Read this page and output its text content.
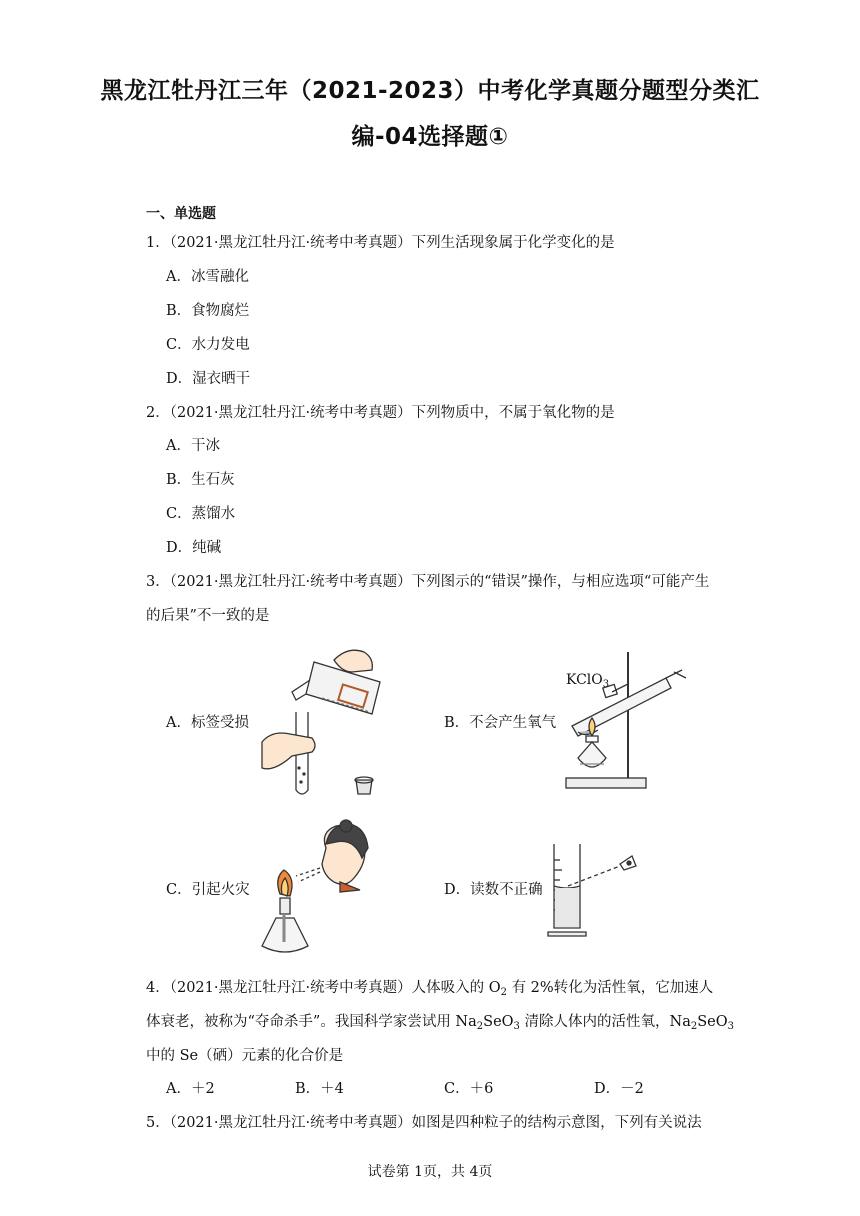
黑龙江牡丹江三年（2021-2023）中考化学真题分题型分类汇
编-04选择题①
一、单选题
1．（2021·黑龙江牡丹江·统考中考真题）下列生活现象属于化学变化的是
A．冰雪融化
B．食物腐烂
C．水力发电
D．湿衣晒干
2．（2021·黑龙江牡丹江·统考中考真题）下列物质中，不属于氧化物的是
A．干冰
B．生石灰
C．蒸馏水
D．纯碱
3．（2021·黑龙江牡丹江·统考中考真题）下列图示的“错误”操作，与相应选项“可能产生
的后果”不一致的是
A．标签受损	B．不会产生氧气
C．引起火灾	D．读数不正确
KClO$_3$
4．（2021·黑龙江牡丹江·统考中考真题）人体吸入的 $O_2$ 有 2%转化为活性氧，它加速人
体衰老，被称为“夺命杀手”。我国科学家尝试用 $Na_2SeO_3$ 清除人体内的活性氧，$Na_2SeO_3$
中的 Se（硒）元素的化合价是
A．＋2	B．＋4	C．＋6	D．－2
5．（2021·黑龙江牡丹江·统考中考真题）如图是四种粒子的结构示意图，下列有关说法
试卷第 1页，共 4页
